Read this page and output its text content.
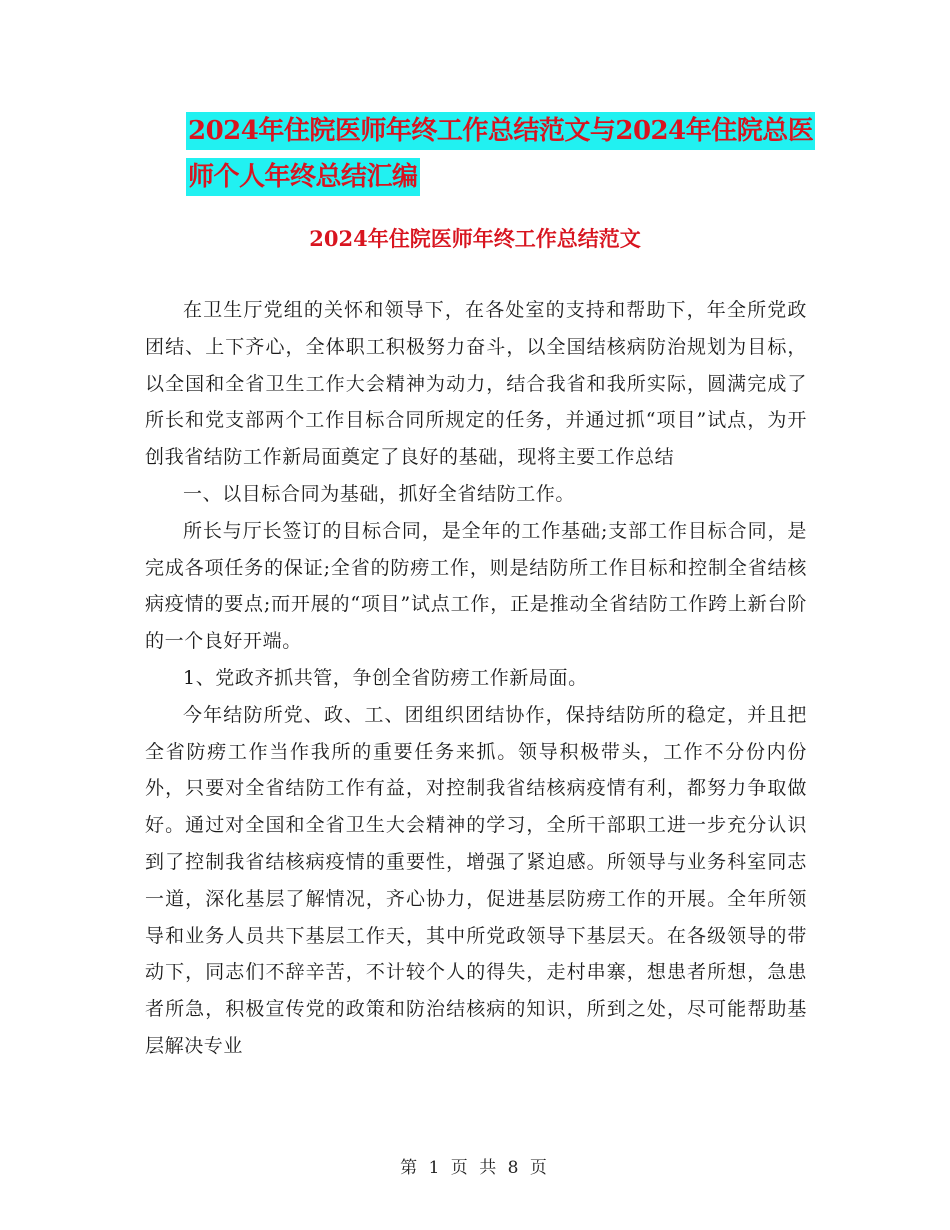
2024年住院医师年终工作总结范文与2024年住院总医
师个人年终总结汇编
2024年住院医师年终工作总结范文

在卫生厅党组的关怀和领导下，在各处室的支持和帮助下，年全所党政团结、上下齐心，全体职工积极努力奋斗，以全国结核病防治规划为目标，以全国和全省卫生工作大会精神为动力，结合我省和我所实际，圆满完成了所长和党支部两个工作目标合同所规定的任务，并通过抓“项目”试点，为开创我省结防工作新局面奠定了良好的基础，现将主要工作总结

一、以目标合同为基础，抓好全省结防工作。

所长与厅长签订的目标合同，是全年的工作基础;支部工作目标合同，是完成各项任务的保证;全省的防痨工作，则是结防所工作目标和控制全省结核病疫情的要点;而开展的“项目”试点工作，正是推动全省结防工作跨上新台阶的一个良好开端。

1、党政齐抓共管，争创全省防痨工作新局面。

今年结防所党、政、工、团组织团结协作，保持结防所的稳定，并且把全省防痨工作当作我所的重要任务来抓。领导积极带头，工作不分份内份外，只要对全省结防工作有益，对控制我省结核病疫情有利，都努力争取做好。通过对全国和全省卫生大会精神的学习，全所干部职工进一步充分认识到了控制我省结核病疫情的重要性，增强了紧迫感。所领导与业务科室同志一道，深化基层了解情况，齐心协力，促进基层防痨工作的开展。全年所领导和业务人员共下基层工作天，其中所党政领导下基层天。在各级领导的带动下，同志们不辞辛苦，不计较个人的得失，走村串寨，想患者所想，急患者所急，积极宣传党的政策和防治结核病的知识，所到之处，尽可能帮助基层解决专业

第 1 页 共 8 页
